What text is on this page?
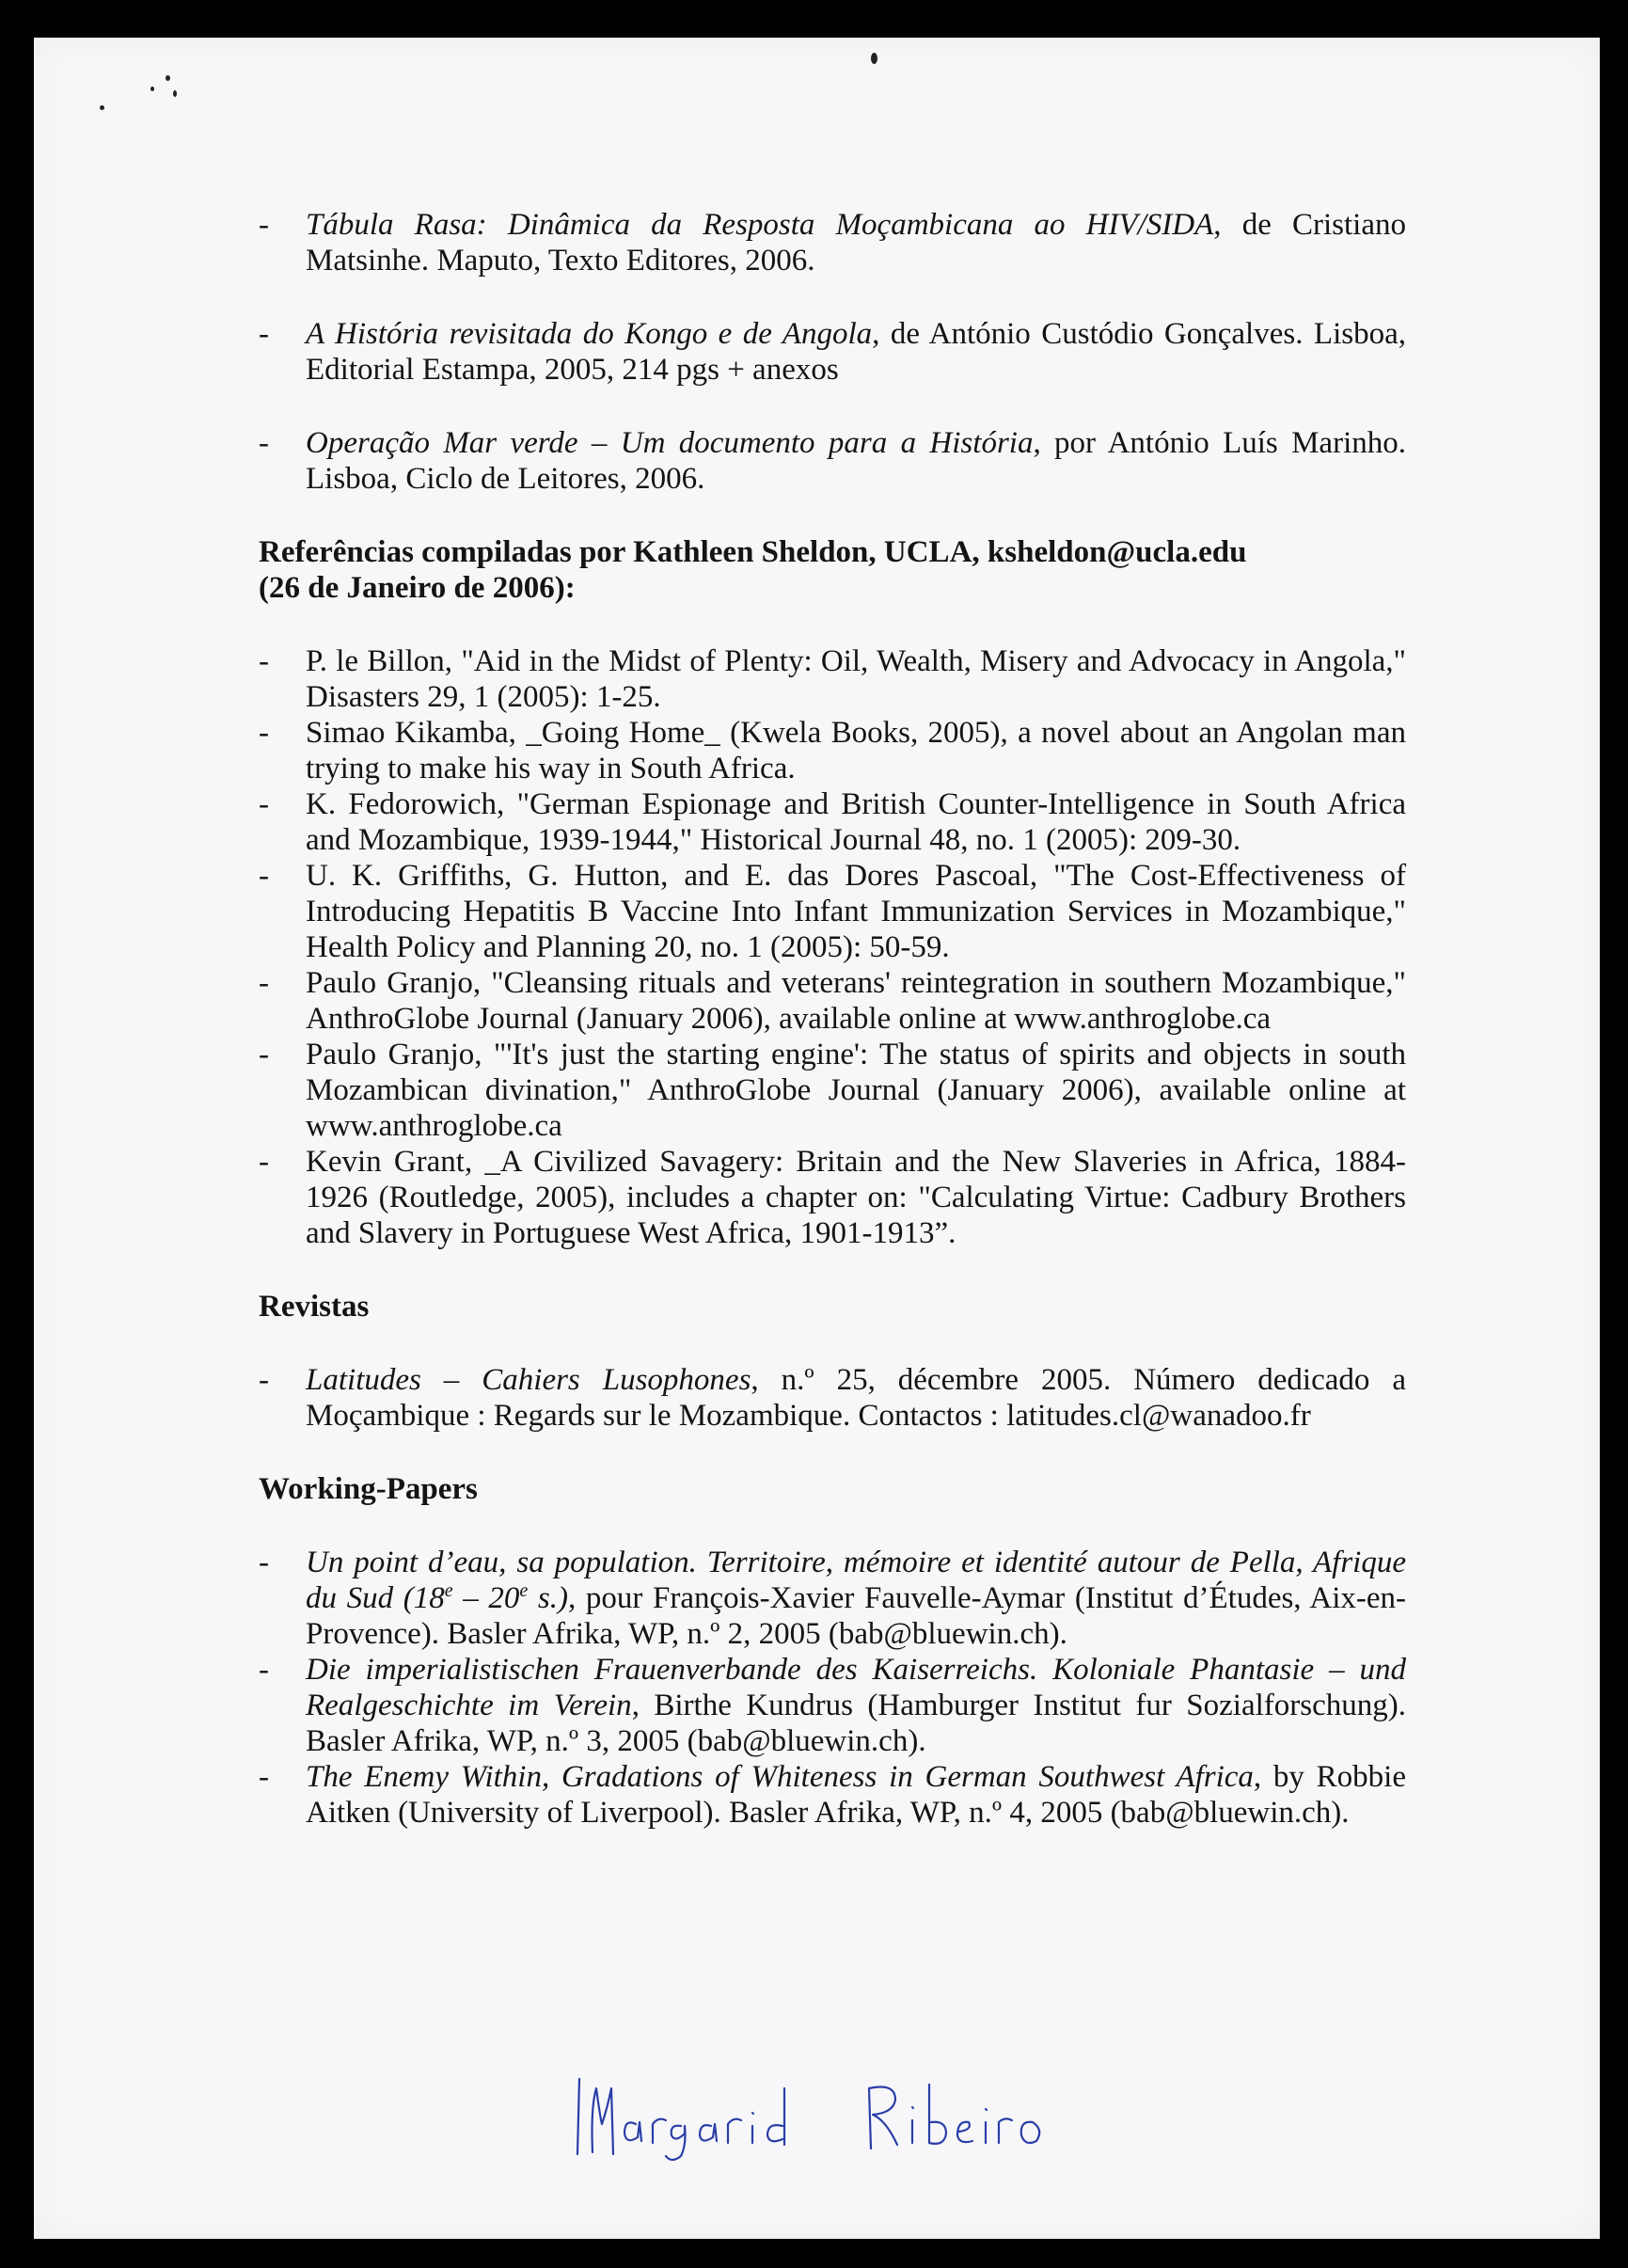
- Tábula Rasa: Dinâmica da Resposta Moçambicana ao HIV/SIDA, de Cristiano Matsinhe. Maputo, Texto Editores, 2006.
- A História revisitada do Kongo e de Angola, de António Custódio Gonçalves. Lisboa, Editorial Estampa, 2005, 214 pgs + anexos
- Operação Mar verde – Um documento para a História, por António Luís Marinho. Lisboa, Ciclo de Leitores, 2006.
Referências compiladas por Kathleen Sheldon, UCLA, ksheldon@ucla.edu
(26 de Janeiro de 2006):
- P. le Billon, "Aid in the Midst of Plenty: Oil, Wealth, Misery and Advocacy in Angola," Disasters 29, 1 (2005): 1-25.
- Simao Kikamba, _Going Home_ (Kwela Books, 2005), a novel about an Angolan man trying to make his way in South Africa.
- K. Fedorowich, "German Espionage and British Counter-Intelligence in South Africa and Mozambique, 1939-1944," Historical Journal 48, no. 1 (2005): 209-30.
- U. K. Griffiths, G. Hutton, and E. das Dores Pascoal, "The Cost-Effectiveness of Introducing Hepatitis B Vaccine Into Infant Immunization Services in Mozambique," Health Policy and Planning 20, no. 1 (2005): 50-59.
- Paulo Granjo, "Cleansing rituals and veterans' reintegration in southern Mozambique," AnthroGlobe Journal (January 2006), available online at www.anthroglobe.ca
- Paulo Granjo, "'It's just the starting engine': The status of spirits and objects in south Mozambican divination," AnthroGlobe Journal (January 2006), available online at www.anthroglobe.ca
- Kevin Grant, _A Civilized Savagery: Britain and the New Slaveries in Africa, 1884-1926 (Routledge, 2005), includes a chapter on: "Calculating Virtue: Cadbury Brothers and Slavery in Portuguese West Africa, 1901-1913”.
Revistas
- Latitudes – Cahiers Lusophones, n.º 25, décembre 2005. Número dedicado a Moçambique : Regards sur le Mozambique. Contactos : latitudes.cl@wanadoo.fr
Working-Papers
- Un point d’eau, sa population. Territoire, mémoire et identité autour de Pella, Afrique du Sud (18e – 20e s.), pour François-Xavier Fauvelle-Aymar (Institut d’Études, Aix-en-Provence). Basler Afrika, WP, n.º 2, 2005 (bab@bluewin.ch).
- Die imperialistischen Frauenverbande des Kaiserreichs. Koloniale Phantasie – und Realgeschichte im Verein, Birthe Kundrus (Hamburger Institut fur Sozialforschung). Basler Afrika, WP, n.º 3, 2005 (bab@bluewin.ch).
- The Enemy Within, Gradations of Whiteness in German Southwest Africa, by Robbie Aitken (University of Liverpool). Basler Afrika, WP, n.º 4, 2005 (bab@bluewin.ch).
